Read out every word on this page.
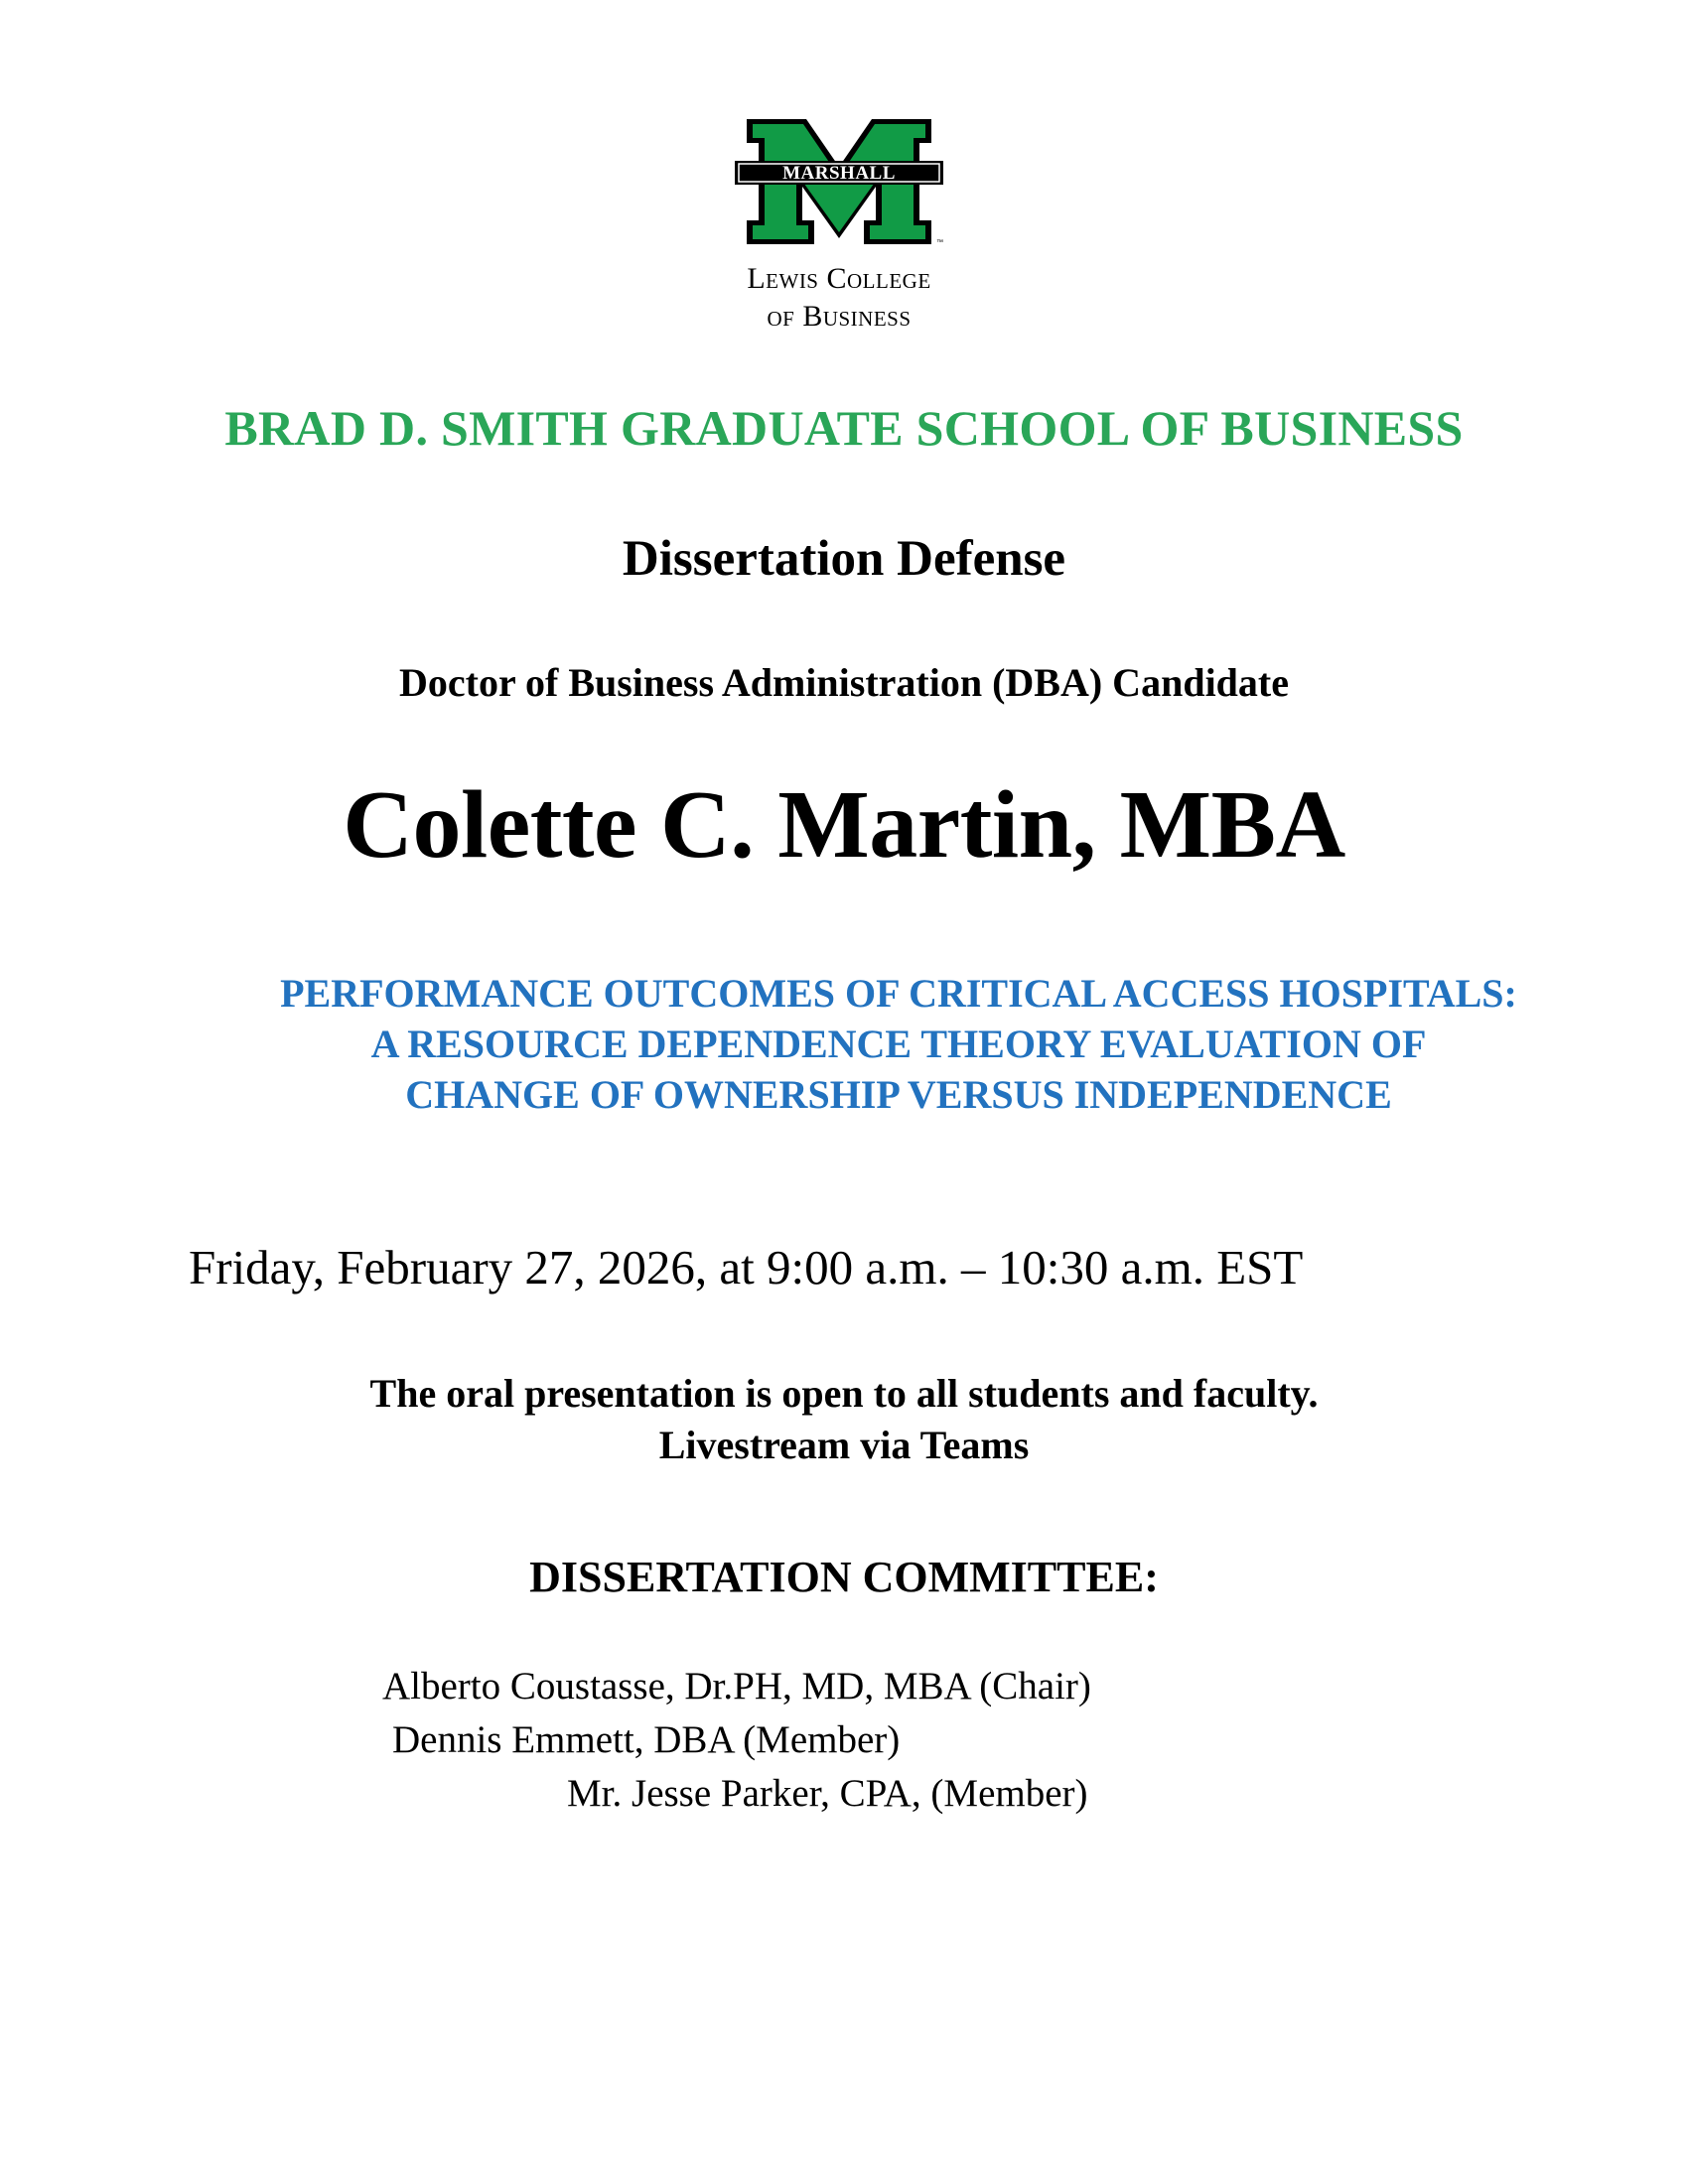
MARSHALL
™
Lewis College
of Business
BRAD D. SMITH GRADUATE SCHOOL OF BUSINESS
Dissertation Defense
Doctor of Business Administration (DBA) Candidate
Colette C. Martin, MBA
PERFORMANCE OUTCOMES OF CRITICAL ACCESS HOSPITALS:
A RESOURCE DEPENDENCE THEORY EVALUATION OF
CHANGE OF OWNERSHIP VERSUS INDEPENDENCE
Friday, February 27, 2026, at 9:00 a.m. – 10:30 a.m. EST
The oral presentation is open to all students and faculty.
Livestream via Teams
DISSERTATION COMMITTEE:
Alberto Coustasse, Dr.PH, MD, MBA (Chair)
Dennis Emmett, DBA (Member)
Mr. Jesse Parker, CPA, (Member)
